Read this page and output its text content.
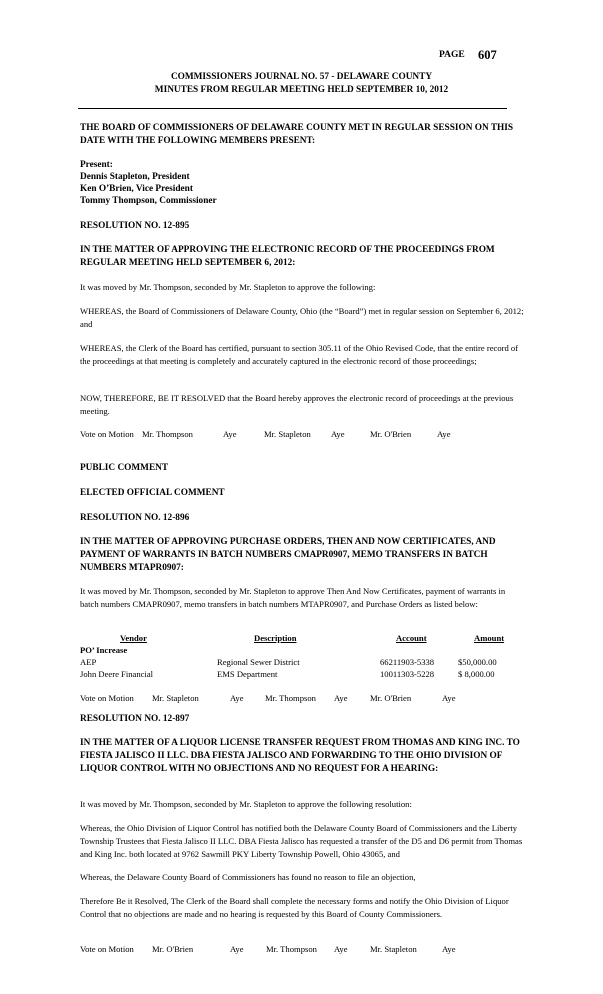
PAGE 607
COMMISSIONERS JOURNAL NO. 57 - DELAWARE COUNTY
MINUTES FROM REGULAR MEETING HELD SEPTEMBER 10, 2012
THE BOARD OF COMMISSIONERS OF DELAWARE COUNTY MET IN REGULAR SESSION ON THIS DATE WITH THE FOLLOWING MEMBERS PRESENT:
Present:
Dennis Stapleton, President
Ken O’Brien, Vice President
Tommy Thompson, Commissioner
RESOLUTION NO. 12-895
IN THE MATTER OF APPROVING THE ELECTRONIC RECORD OF THE PROCEEDINGS FROM REGULAR MEETING HELD SEPTEMBER 6, 2012:
It was moved by Mr. Thompson, seconded by Mr. Stapleton to approve the following:
WHEREAS, the Board of Commissioners of Delaware County, Ohio (the “Board”) met in regular session on September 6, 2012; and
WHEREAS, the Clerk of the Board has certified, pursuant to section 305.11 of the Ohio Revised Code, that the entire record of the proceedings at that meeting is completely and accurately captured in the electronic record of those proceedings;
NOW, THEREFORE, BE IT RESOLVED that the Board hereby approves the electronic record of proceedings at the previous meeting.
Vote on Motion Mr. Thompson	Aye	Mr. Stapleton Aye	Mr. O'Brien	Aye
PUBLIC COMMENT
ELECTED OFFICIAL COMMENT
RESOLUTION NO. 12-896
IN THE MATTER OF APPROVING PURCHASE ORDERS, THEN AND NOW CERTIFICATES, AND PAYMENT OF WARRANTS IN BATCH NUMBERS CMAPR0907, MEMO TRANSFERS IN BATCH NUMBERS MTAPR0907:
It was moved by Mr. Thompson, seconded by Mr. Stapleton to approve Then And Now Certificates, payment of warrants in batch numbers CMAPR0907, memo transfers in batch numbers MTAPR0907, and Purchase Orders as listed below:
Vendor	Description	Account	Amount
PO’ Increase
AEP	Regional Sewer District	66211903-5338	$50,000.00
John Deere Financial	EMS Department	10011303-5228	$ 8,000.00
Vote on Motion Mr. Stapleton	Aye Mr. Thompson Aye	Mr. O'Brien	Aye
RESOLUTION NO. 12-897
IN THE MATTER OF A LIQUOR LICENSE TRANSFER REQUEST FROM THOMAS AND KING INC. TO FIESTA JALISCO II LLC. DBA FIESTA JALISCO AND FORWARDING TO THE OHIO DIVISION OF LIQUOR CONTROL WITH NO OBJECTIONS AND NO REQUEST FOR A HEARING:
It was moved by Mr. Thompson, seconded by Mr. Stapleton to approve the following resolution:
Whereas, the Ohio Division of Liquor Control has notified both the Delaware County Board of Commissioners and the Liberty Township Trustees that Fiesta Jalisco II LLC. DBA Fiesta Jalisco has requested a transfer of the D5 and D6 permit from Thomas and King Inc. both located at 9762 Sawmill PKY Liberty Township Powell, Ohio 43065, and
Whereas, the Delaware County Board of Commissioners has found no reason to file an objection,
Therefore Be it Resolved, The Clerk of the Board shall complete the necessary forms and notify the Ohio Division of Liquor Control that no objections are made and no hearing is requested by this Board of County Commissioners.
Vote on Motion Mr. O'Brien	Aye	Mr. Thompson Aye	Mr. Stapleton	Aye
